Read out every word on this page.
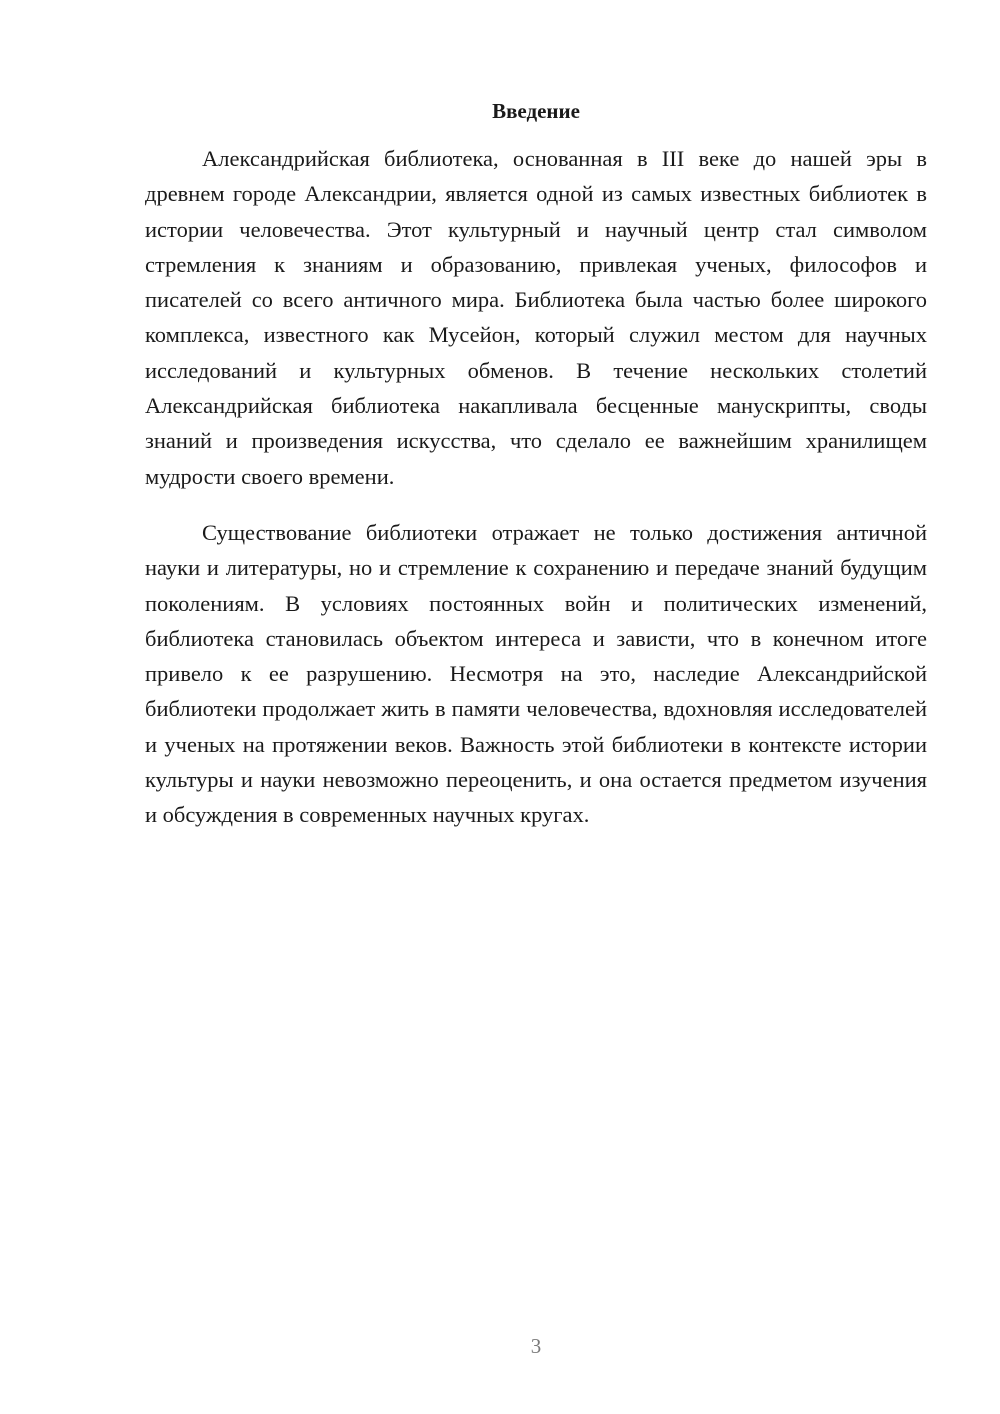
Введение

Александрийская библиотека, основанная в III веке до нашей эры в древнем городе Александрии, является одной из самых известных библиотек в истории человечества. Этот культурный и научный центр стал символом стремления к знаниям и образованию, привлекая ученых, философов и писателей со всего античного мира. Библиотека была частью более широкого комплекса, известного как Мусейон, который служил местом для научных исследований и культурных обменов. В течение нескольких столетий Александрийская библиотека накапливала бесценные манускрипты, своды знаний и произведения искусства, что сделало ее важнейшим хранилищем мудрости своего времени.

Существование библиотеки отражает не только достижения античной науки и литературы, но и стремление к сохранению и передаче знаний будущим поколениям. В условиях постоянных войн и политических изменений, библиотека становилась объектом интереса и зависти, что в конечном итоге привело к ее разрушению. Несмотря на это, наследие Александрийской библиотеки продолжает жить в памяти человечества, вдохновляя исследователей и ученых на протяжении веков. Важность этой библиотеки в контексте истории культуры и науки невозможно переоценить, и она остается предметом изучения и обсуждения в современных научных кругах.

3
